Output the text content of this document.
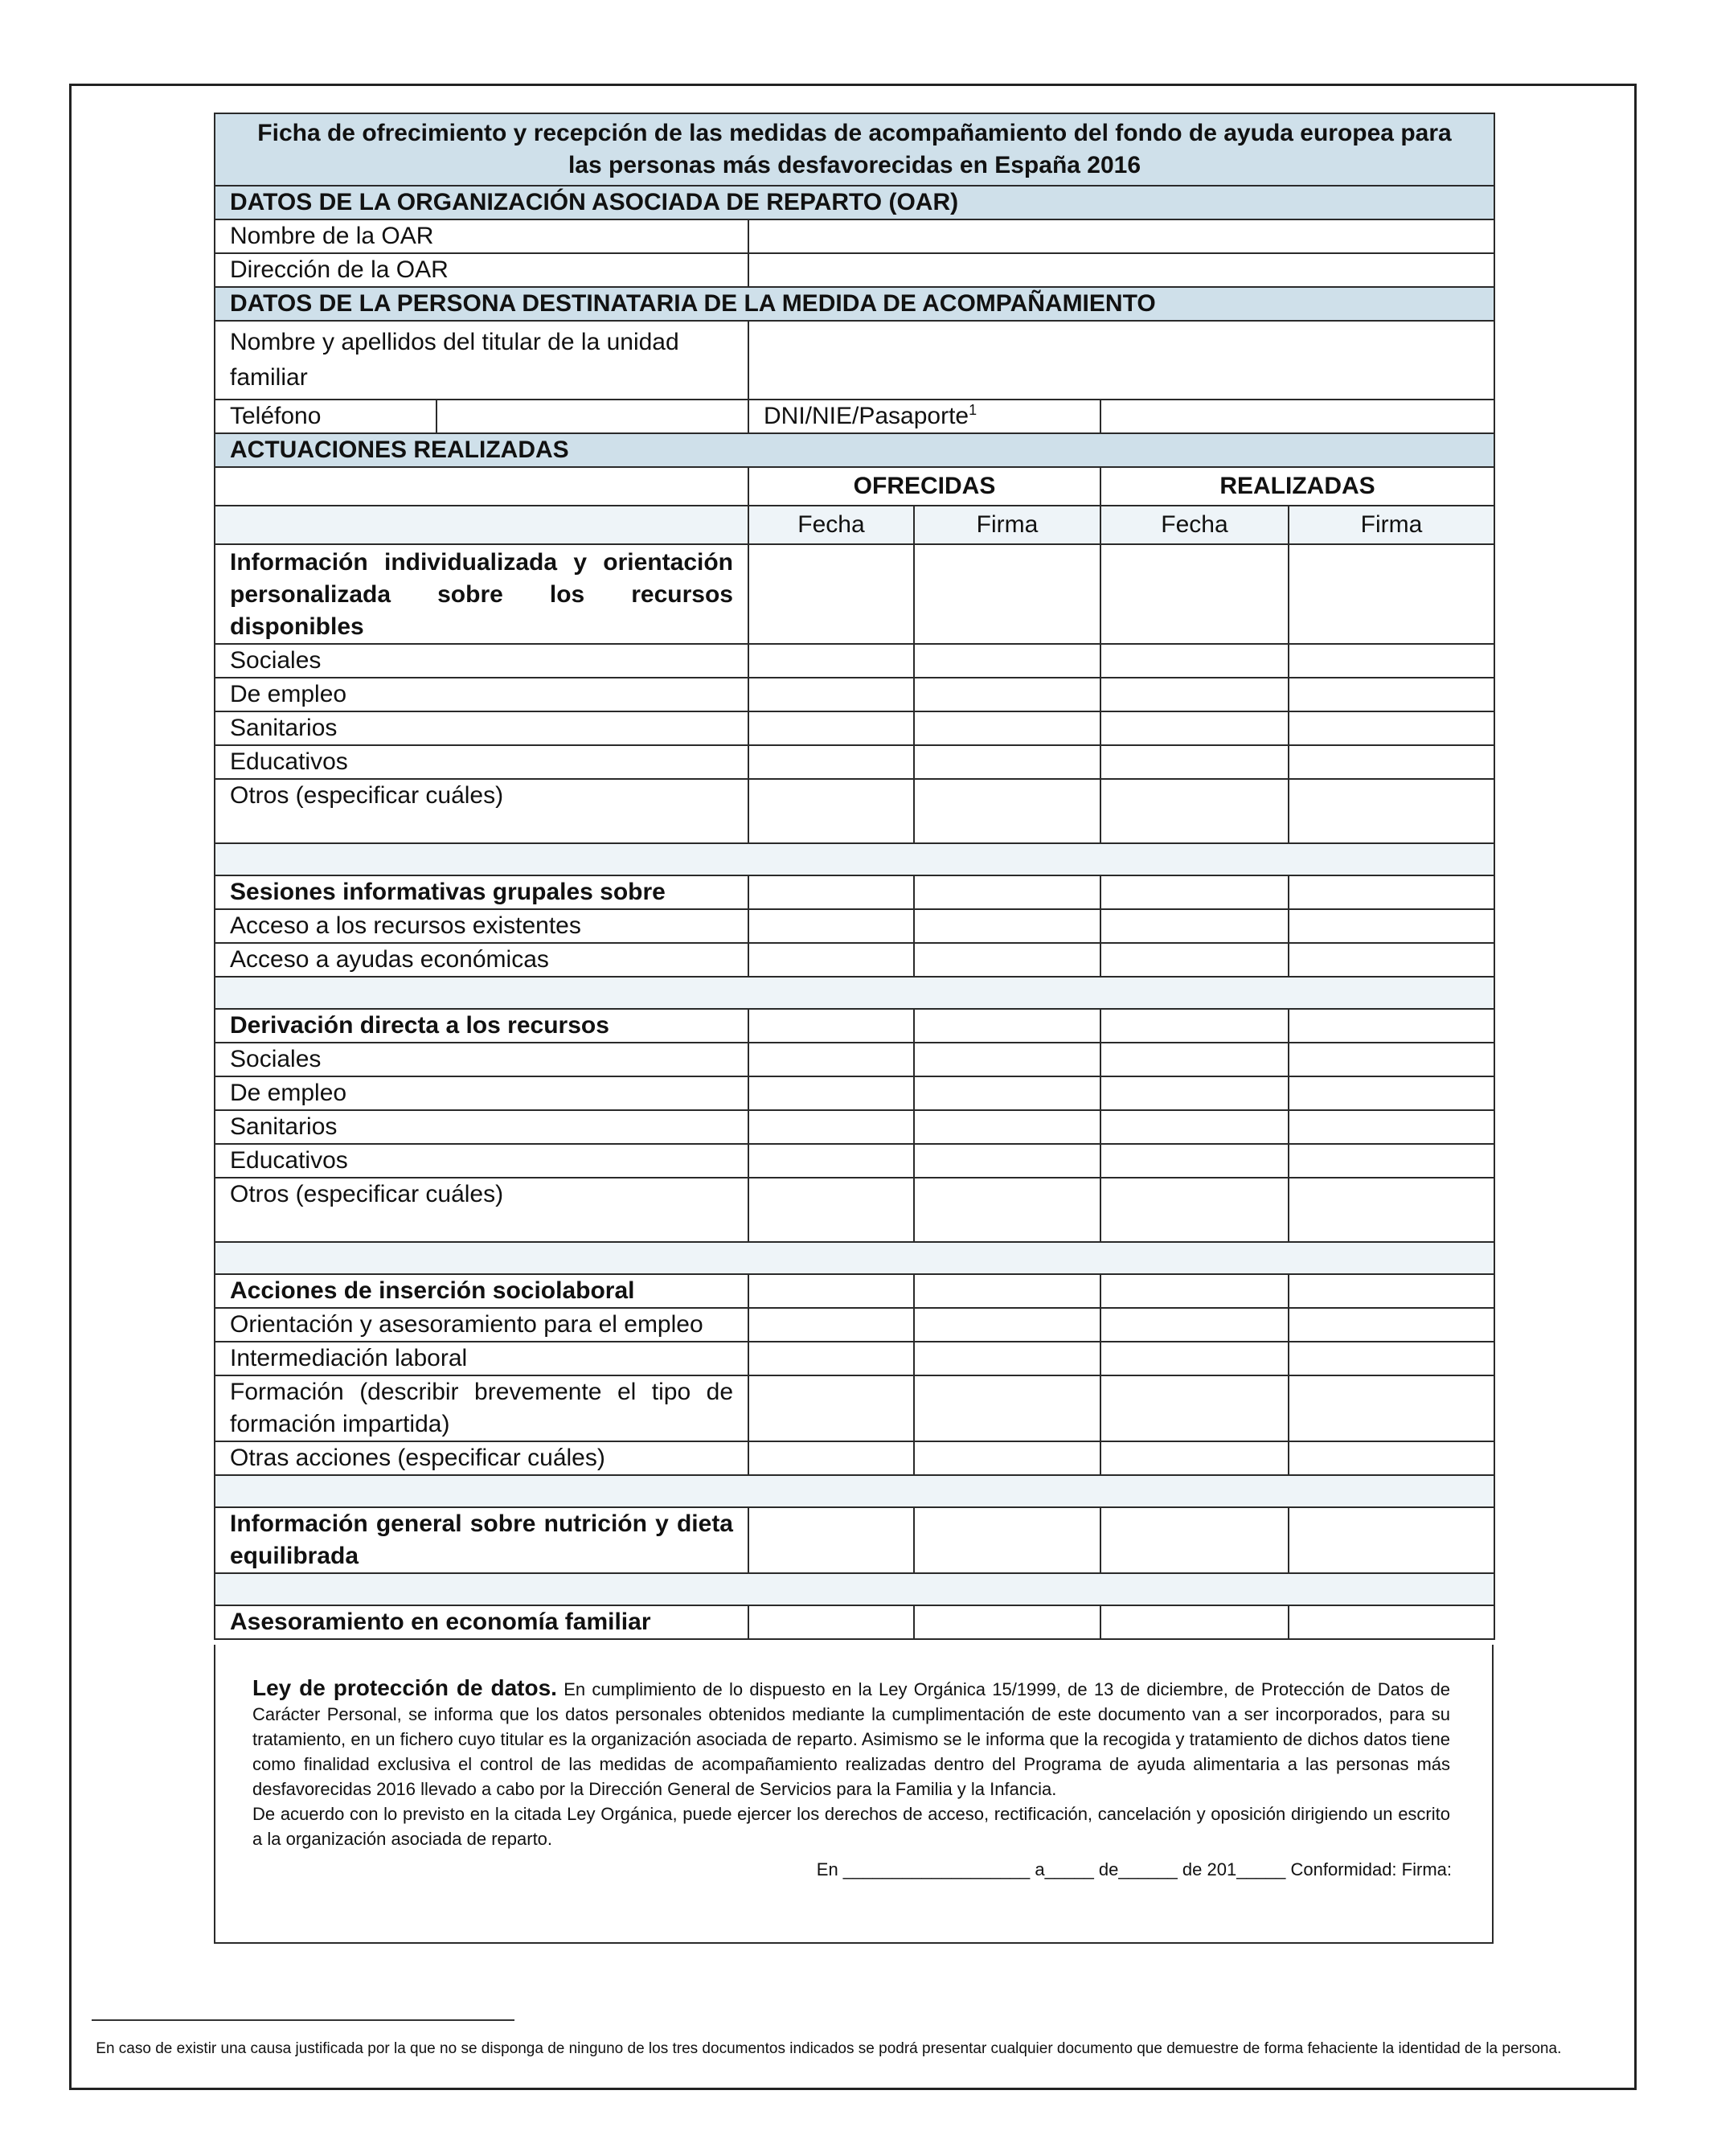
Ficha de ofrecimiento y recepción de las medidas de acompañamiento del fondo de ayuda europea para las personas más desfavorecidas en España 2016					
DATOS DE LA ORGANIZACIÓN ASOCIADA DE REPARTO (OAR)					
Nombre de la OAR					
Dirección de la OAR					
DATOS DE LA PERSONA DESTINATARIA DE LA MEDIDA DE ACOMPAÑAMIENTO					
Nombre y apellidos del titular de la unidad familiar					
Teléfono		DNI/NIE/Pasaporte$^1$	
ACTUACIONES REALIZADAS					
		OFRECIDAS		REALIZADAS	
		Fecha	Firma	Fecha	Firma
Información individualizada y orientación personalizada sobre los recursos disponibles					
Sociales					
De empleo					
Sanitarios					
Educativos					
Otros (especificar cuáles)					

Sesiones informativas grupales sobre					
Acceso a los recursos existentes					
Acceso a ayudas económicas					

Derivación directa a los recursos					
Sociales					
De empleo					
Sanitarios					
Educativos					
Otros (especificar cuáles)					

Acciones de inserción sociolaboral					
Orientación y asesoramiento para el empleo					
Intermediación laboral					
Formación (describir brevemente el tipo de formación impartida)					
Otras acciones (especificar cuáles)					

Información general sobre nutrición y dieta equilibrada					

Asesoramiento en economía familiar					
Ley de protección de datos. En cumplimiento de lo dispuesto en la Ley Orgánica 15/1999, de 13 de diciembre, de Protección de Datos de Carácter Personal, se informa que los datos personales obtenidos mediante la cumplimentación de este documento van a ser incorporados, para su tratamiento, en un fichero cuyo titular es la organización asociada de reparto. Asimismo se le informa que la recogida y tratamiento de dichos datos tiene como finalidad exclusiva el control de las medidas de acompañamiento realizadas dentro del Programa de ayuda alimentaria a las personas más desfavorecidas 2016 llevado a cabo por la Dirección General de Servicios para la Familia y la Infancia.
De acuerdo con lo previsto en la citada Ley Orgánica, puede ejercer los derechos de acceso, rectificación, cancelación y oposición dirigiendo un escrito a la organización asociada de reparto.
En ___________________ a_____ de______ de 201_____ Conformidad: Firma:
En caso de existir una causa justificada por la que no se disponga de ninguno de los tres documentos indicados se podrá presentar cualquier documento que demuestre de forma fehaciente la identidad de la persona.
